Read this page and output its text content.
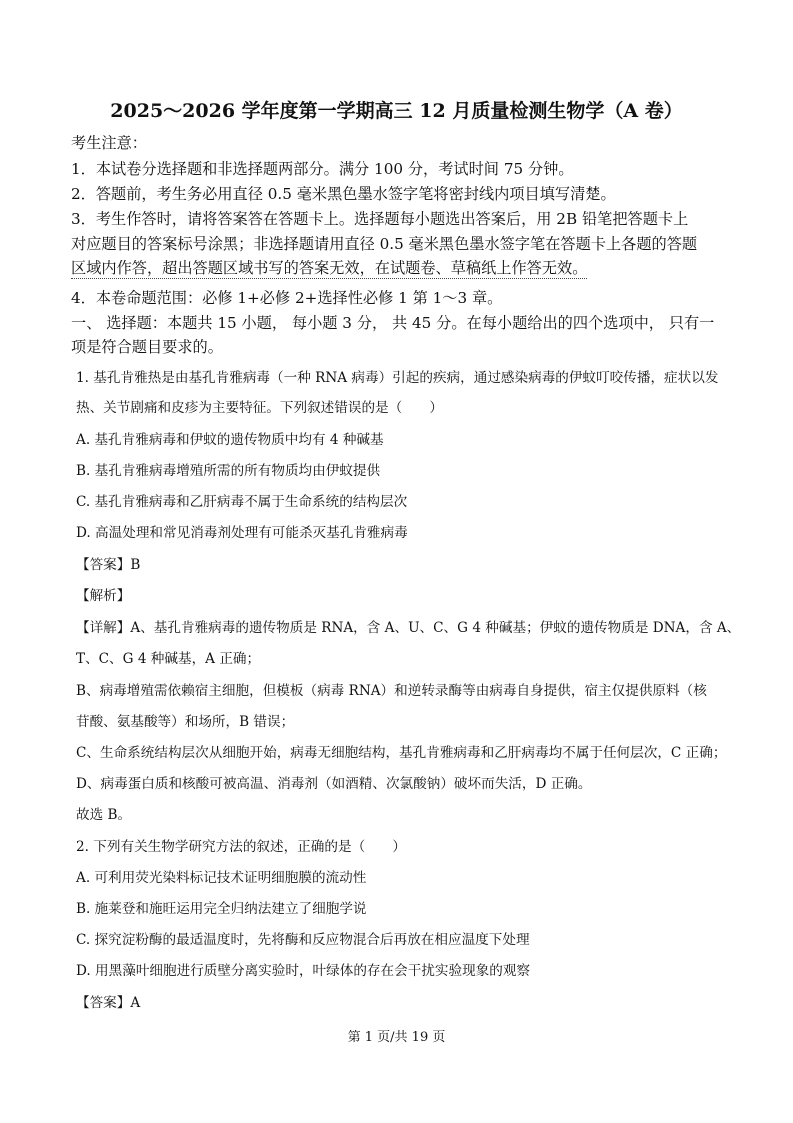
2025～2026 学年度第一学期高三 12 月质量检测生物学（A 卷）
考生注意：
1．本试卷分选择题和非选择题两部分。满分 100 分，考试时间 75 分钟。
2．答题前，考生务必用直径 0.5 毫米黑色墨水签字笔将密封线内项目填写清楚。
3．考生作答时，请将答案答在答题卡上。选择题每小题选出答案后，用 2B 铅笔把答题卡上
对应题目的答案标号涂黑；非选择题请用直径 0.5 毫米黑色墨水签字笔在答题卡上各题的答题
区域内作答，超出答题区域书写的答案无效，在试题卷、草稿纸上作答无效。
4．本卷命题范围：必修 1+必修 2+选择性必修 1 第 1～3 章。
一、 选择题：本题共 15 小题， 每小题 3 分， 共 45 分。在每小题给出的四个选项中， 只有一
项是符合题目要求的。
1. 基孔肯雅热是由基孔肯雅病毒（一种 RNA 病毒）引起的疾病，通过感染病毒的伊蚊叮咬传播，症状以发
热、关节剧痛和皮疹为主要特征。下列叙述错误的是（　　）
A. 基孔肯雅病毒和伊蚊的遗传物质中均有 4 种碱基
B. 基孔肯雅病毒增殖所需的所有物质均由伊蚊提供
C. 基孔肯雅病毒和乙肝病毒不属于生命系统的结构层次
D. 高温处理和常见消毒剂处理有可能杀灭基孔肯雅病毒
【答案】B
【解析】
【详解】A、基孔肯雅病毒的遗传物质是 RNA，含 A、U、C、G 4 种碱基；伊蚊的遗传物质是 DNA，含 A、
T、C、G 4 种碱基，A 正确；
B、病毒增殖需依赖宿主细胞，但模板（病毒 RNA）和逆转录酶等由病毒自身提供，宿主仅提供原料（核
苷酸、氨基酸等）和场所，B 错误；
C、生命系统结构层次从细胞开始，病毒无细胞结构，基孔肯雅病毒和乙肝病毒均不属于任何层次，C 正确；
D、病毒蛋白质和核酸可被高温、消毒剂（如酒精、次氯酸钠）破坏而失活，D 正确。
故选 B。
2. 下列有关生物学研究方法的叙述，正确的是（　　）
A. 可利用荧光染料标记技术证明细胞膜的流动性
B. 施莱登和施旺运用完全归纳法建立了细胞学说
C. 探究淀粉酶的最适温度时，先将酶和反应物混合后再放在相应温度下处理
D. 用黑藻叶细胞进行质壁分离实验时，叶绿体的存在会干扰实验现象的观察
【答案】A
第 1 页/共 19 页
